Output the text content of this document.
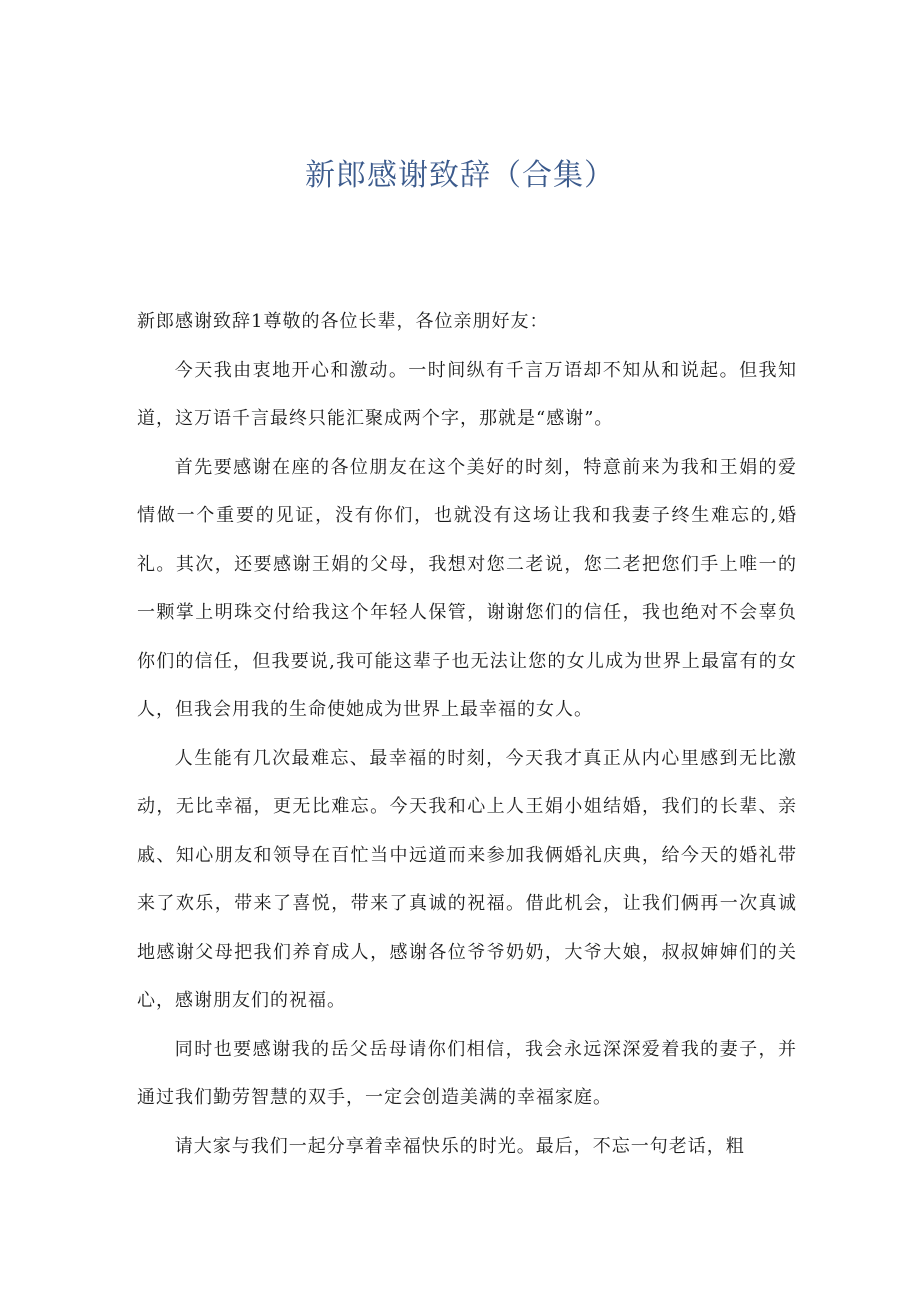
新郎感谢致辞（合集）

新郎感谢致辞1尊敬的各位长辈，各位亲朋好友：

今天我由衷地开心和激动。一时间纵有千言万语却不知从和说起。但我知道，这万语千言最终只能汇聚成两个字，那就是“感谢”。

首先要感谢在座的各位朋友在这个美好的时刻，特意前来为我和王娟的爱情做一个重要的见证，没有你们，也就没有这场让我和我妻子终生难忘的,婚礼。其次，还要感谢王娟的父母，我想对您二老说，您二老把您们手上唯一的一颗掌上明珠交付给我这个年轻人保管，谢谢您们的信任，我也绝对不会辜负你们的信任，但我要说,我可能这辈子也无法让您的女儿成为世界上最富有的女人，但我会用我的生命使她成为世界上最幸福的女人。

人生能有几次最难忘、最幸福的时刻，今天我才真正从内心里感到无比激动，无比幸福，更无比难忘。今天我和心上人王娟小姐结婚，我们的长辈、亲戚、知心朋友和领导在百忙当中远道而来参加我俩婚礼庆典，给今天的婚礼带来了欢乐，带来了喜悦，带来了真诚的祝福。借此机会，让我们俩再一次真诚地感谢父母把我们养育成人，感谢各位爷爷奶奶，大爷大娘，叔叔婶婶们的关心，感谢朋友们的祝福。

同时也要感谢我的岳父岳母请你们相信，我会永远深深爱着我的妻子，并通过我们勤劳智慧的双手，一定会创造美满的幸福家庭。

请大家与我们一起分享着幸福快乐的时光。最后，不忘一句老话，粗
